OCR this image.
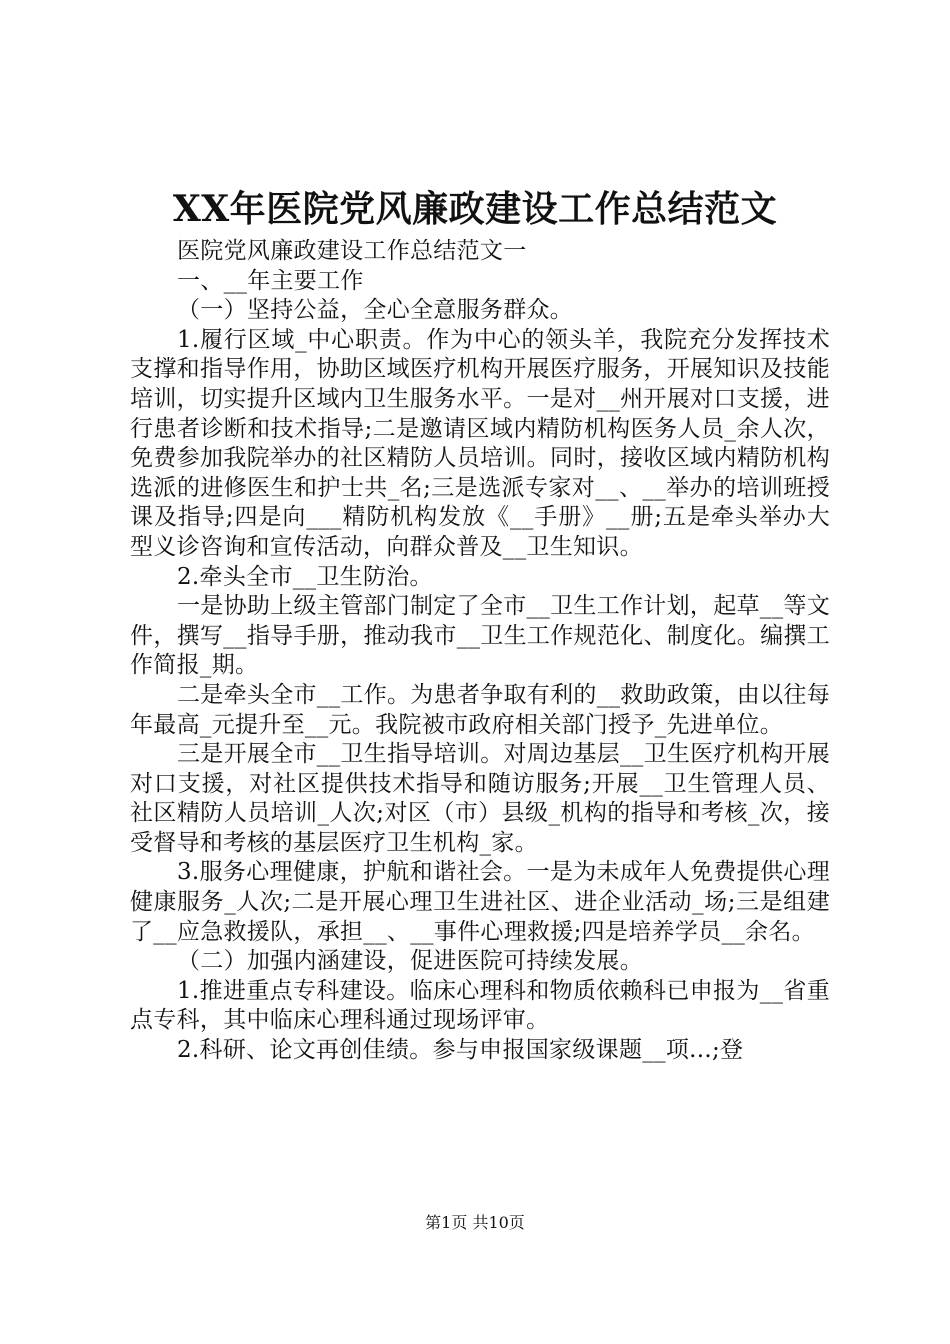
XX年医院党风廉政建设工作总结范文

医院党风廉政建设工作总结范文一

一、__年主要工作

（一）坚持公益，全心全意服务群众。

1.履行区域_中心职责。作为中心的领头羊，我院充分发挥技术支撑和指导作用，协助区域医疗机构开展医疗服务，开展知识及技能培训，切实提升区域内卫生服务水平。一是对__州开展对口支援，进行患者诊断和技术指导;二是邀请区域内精防机构医务人员_余人次，免费参加我院举办的社区精防人员培训。同时，接收区域内精防机构选派的进修医生和护士共_名;三是选派专家对__、__举办的培训班授课及指导;四是向___精防机构发放《__手册》__册;五是牵头举办大型义诊咨询和宣传活动，向群众普及__卫生知识。

2.牵头全市__卫生防治。

一是协助上级主管部门制定了全市__卫生工作计划，起草__等文件，撰写__指导手册，推动我市__卫生工作规范化、制度化。编撰工作简报_期。

二是牵头全市__工作。为患者争取有利的__救助政策，由以往每年最高_元提升至__元。我院被市政府相关部门授予_先进单位。

三是开展全市__卫生指导培训。对周边基层__卫生医疗机构开展对口支援，对社区提供技术指导和随访服务;开展__卫生管理人员、社区精防人员培训_人次;对区（市）县级_机构的指导和考核_次，接受督导和考核的基层医疗卫生机构_家。

3.服务心理健康，护航和谐社会。一是为未成年人免费提供心理健康服务_人次;二是开展心理卫生进社区、进企业活动_场;三是组建了__应急救援队，承担__、__事件心理救援;四是培养学员__余名。

（二）加强内涵建设，促进医院可持续发展。

1.推进重点专科建设。临床心理科和物质依赖科已申报为__省重点专科，其中临床心理科通过现场评审。

2.科研、论文再创佳绩。参与申报国家级课题__项...;登

第1页 共10页
